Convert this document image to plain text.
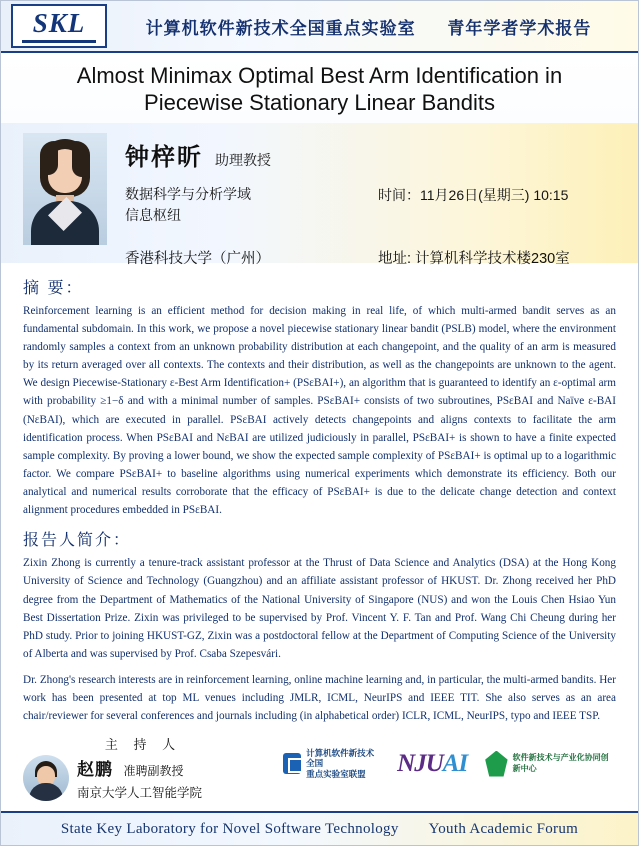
SKL	计算机软件新技术全国重点实验室 青年学者学术报告
Almost Minimax Optimal Best Arm Identification in Piecewise Stationary Linear Bandits
钟梓昕 助理教授
数据科学与分析学域
信息枢纽
时间：11月26日(星期三) 10:15
香港科技大学（广州）	地址: 计算机科学技术楼230室
摘 要：

Reinforcement learning is an efficient method for decision making in real life, of which multi-armed bandit serves as an fundamental subdomain. In this work, we propose a novel piecewise stationary linear bandit (PSLB) model, where the environment randomly samples a context from an unknown probability distribution at each changepoint, and the quality of an arm is measured by its return averaged over all contexts. The contexts and their distribution, as well as the changepoints are unknown to the agent. We design Piecewise-Stationary ε-Best Arm Identification+ (PSεBAI+), an algorithm that is guaranteed to identify an ε-optimal arm with probability ≥1−δ and with a minimal number of samples. PSεBAI+ consists of two subroutines, PSεBAI and Naïve ε-BAI (NεBAI), which are executed in parallel. PSεBAI actively detects changepoints and aligns contexts to facilitate the arm identification process. When PSεBAI and NεBAI are utilized judiciously in parallel, PSεBAI+ is shown to have a finite expected sample complexity. By proving a lower bound, we show the expected sample complexity of PSεBAI+ is optimal up to a logarithmic factor. We compare PSεBAI+ to baseline algorithms using numerical experiments which demonstrate its efficiency. Both our analytical and numerical results corroborate that the efficacy of PSεBAI+ is due to the delicate change detection and context alignment procedures embedded in PSεBAI.

报告人简介：

Zixin Zhong is currently a tenure-track assistant professor at the Thrust of Data Science and Analytics (DSA) at the Hong Kong University of Science and Technology (Guangzhou) and an affiliate assistant professor of HKUST. Dr. Zhong received her PhD degree from the Department of Mathematics of the National University of Singapore (NUS) and won the Louis Chen Hsiao Yun Best Dissertation Prize. Zixin was privileged to be supervised by Prof. Vincent Y. F. Tan and Prof. Wang Chi Cheung during her PhD study. Prior to joining HKUST-GZ, Zixin was a postdoctoral fellow at the Department of Computing Science of the University of Alberta and was supervised by Prof. Csaba Szepesvári.

Dr. Zhong's research interests are in reinforcement learning, online machine learning and, in particular, the multi-armed bandits. Her work has been presented at top ML venues including JMLR, ICML, NeurIPS and IEEE TIT. She also serves as an area chair/reviewer for several conferences and journals including (in alphabetical order) ICLR, ICML, NeurIPS, typo and IEEE TSP.

主 持 人
赵鹏 准聘副教授
南京大学人工智能学院
计算机软件新技术全国
重点实验室联盟	NJUAI	软件新技术与产业化协同创新中心
State Key Laboratory for Novel Software Technology Youth Academic Forum
